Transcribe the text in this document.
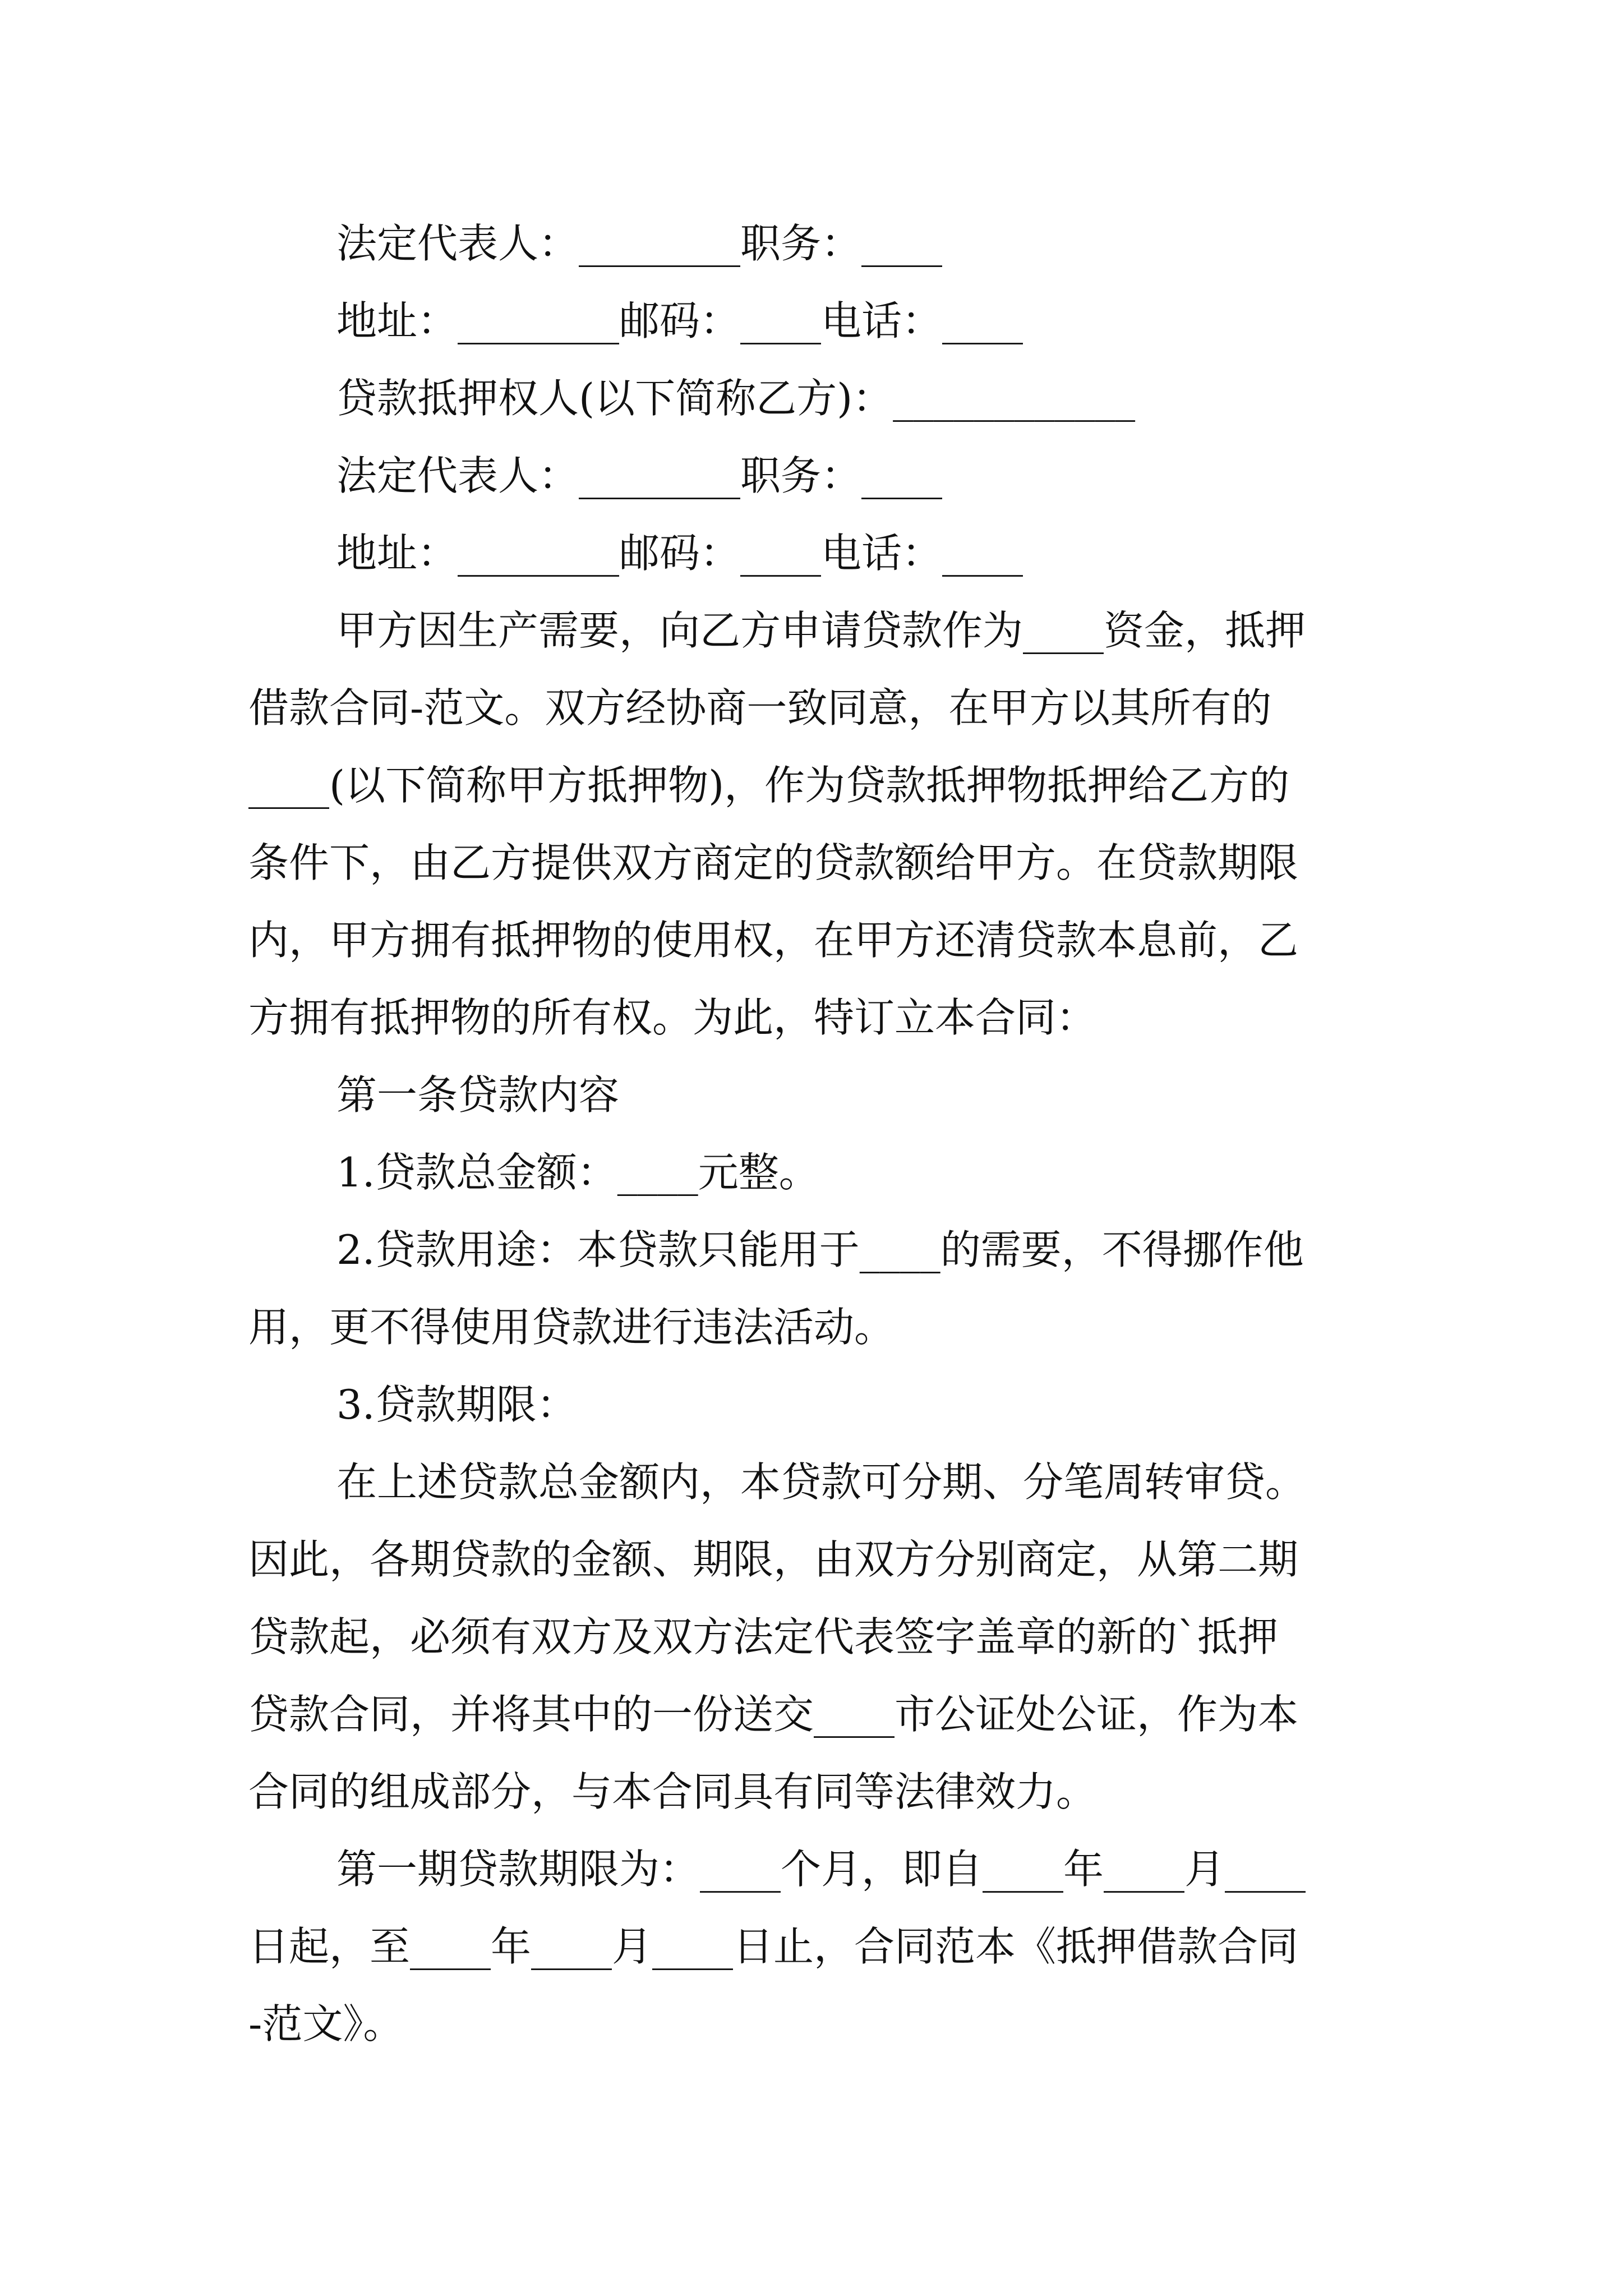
法定代表人：________职务：____
地址：________邮码：____电话：____
贷款抵押权人(以下简称乙方)：____________
法定代表人：________职务：____
地址：________邮码：____电话：____
甲方因生产需要，向乙方申请贷款作为____资金，抵押
借款合同-范文。双方经协商一致同意，在甲方以其所有的
____(以下简称甲方抵押物)，作为贷款抵押物抵押给乙方的
条件下，由乙方提供双方商定的贷款额给甲方。在贷款期限
内，甲方拥有抵押物的使用权，在甲方还清贷款本息前，乙
方拥有抵押物的所有权。为此，特订立本合同：
第一条贷款内容
1.贷款总金额：____元整。
2.贷款用途：本贷款只能用于____的需要，不得挪作他
用，更不得使用贷款进行违法活动。
3.贷款期限：
在上述贷款总金额内，本贷款可分期、分笔周转审贷。
因此，各期贷款的金额、期限，由双方分别商定，从第二期
贷款起，必须有双方及双方法定代表签字盖章的新的`抵押
贷款合同，并将其中的一份送交____市公证处公证，作为本
合同的组成部分，与本合同具有同等法律效力。
第一期贷款期限为：____个月，即自____年____月____
日起，至____年____月____日止，合同范本《抵押借款合同
-范文》。
